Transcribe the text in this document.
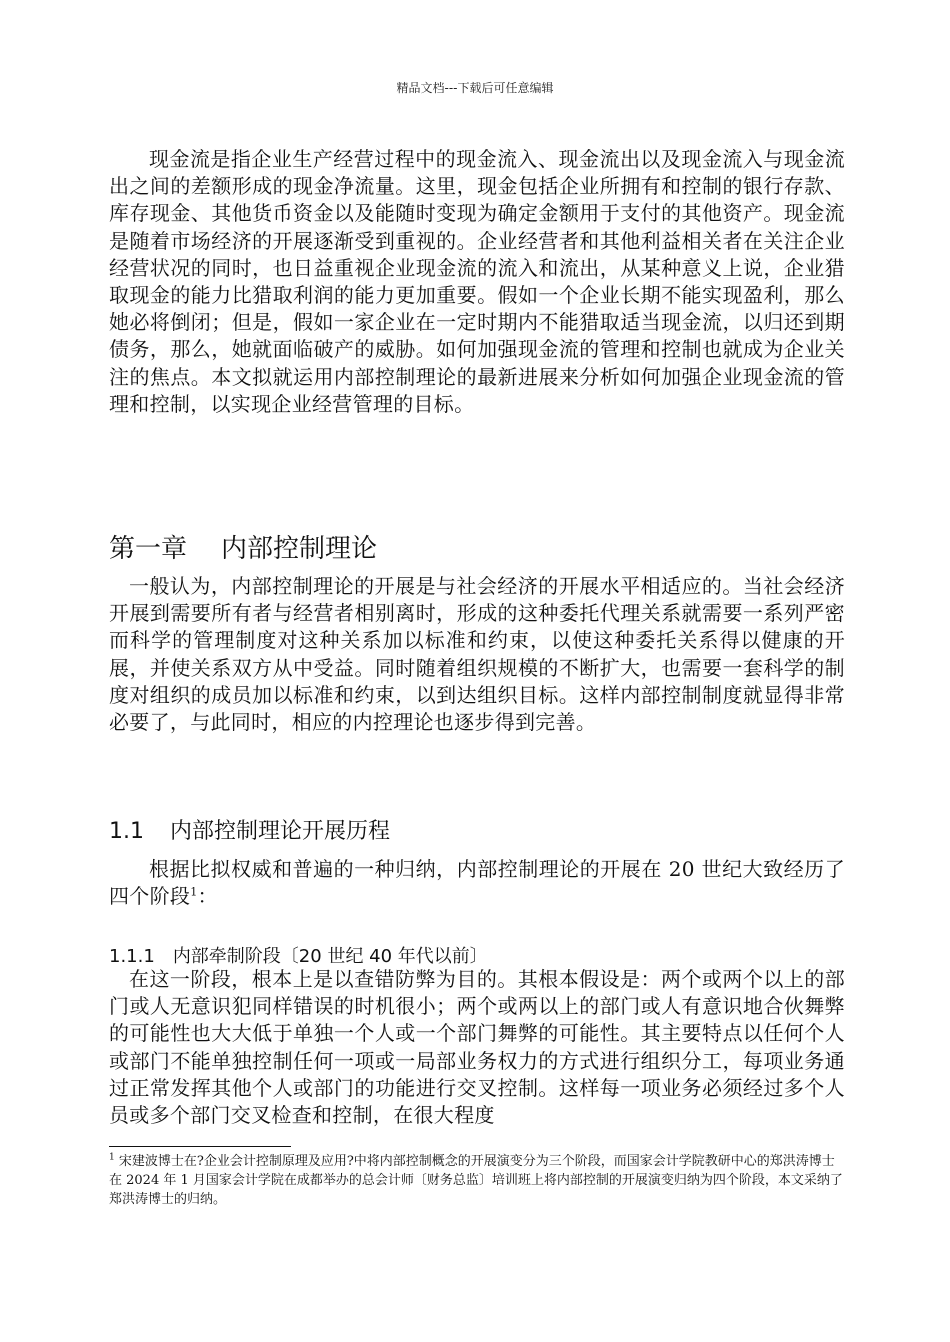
精品文档---下载后可任意编辑
现金流是指企业生产经营过程中的现金流入、现金流出以及现金流入与现金流出之间的差额形成的现金净流量。这里，现金包括企业所拥有和控制的银行存款、库存现金、其他货币资金以及能随时变现为确定金额用于支付的其他资产。现金流是随着市场经济的开展逐渐受到重视的。企业经营者和其他利益相关者在关注企业经营状况的同时，也日益重视企业现金流的流入和流出，从某种意义上说，企业猎取现金的能力比猎取利润的能力更加重要。假如一个企业长期不能实现盈利，那么她必将倒闭；但是，假如一家企业在一定时期内不能猎取适当现金流，以归还到期债务，那么，她就面临破产的威胁。如何加强现金流的管理和控制也就成为企业关注的焦点。本文拟就运用内部控制理论的最新进展来分析如何加强企业现金流的管理和控制，以实现企业经营管理的目标。
第一章 内部控制理论
一般认为，内部控制理论的开展是与社会经济的开展水平相适应的。当社会经济开展到需要所有者与经营者相别离时，形成的这种委托代理关系就需要一系列严密而科学的管理制度对这种关系加以标准和约束，以使这种委托关系得以健康的开展，并使关系双方从中受益。同时随着组织规模的不断扩大，也需要一套科学的制度对组织的成员加以标准和约束，以到达组织目标。这样内部控制制度就显得非常必要了，与此同时，相应的内控理论也逐步得到完善。
1.1 内部控制理论开展历程
根据比拟权威和普遍的一种归纳，内部控制理论的开展在 20 世纪大致经历了四个阶段$^1$：
1.1.1 内部牵制阶段〔20 世纪 40 年代以前〕
在这一阶段，根本上是以查错防弊为目的。其根本假设是：两个或两个以上的部门或人无意识犯同样错误的时机很小；两个或两以上的部门或人有意识地合伙舞弊的可能性也大大低于单独一个人或一个部门舞弊的可能性。其主要特点以任何个人或部门不能单独控制任何一项或一局部业务权力的方式进行组织分工，每项业务通过正常发挥其他个人或部门的功能进行交叉控制。这样每一项业务必须经过多个人员或多个部门交叉检查和控制，在很大程度
$^1$ 宋建波博士在?企业会计控制原理及应用?中将内部控制概念的开展演变分为三个阶段，而国家会计学院教研中心的郑洪涛博士在 2024 年 1 月国家会计学院在成都举办的总会计师〔财务总监〕培训班上将内部控制的开展演变归纳为四个阶段，本文采纳了郑洪涛博士的归纳。
